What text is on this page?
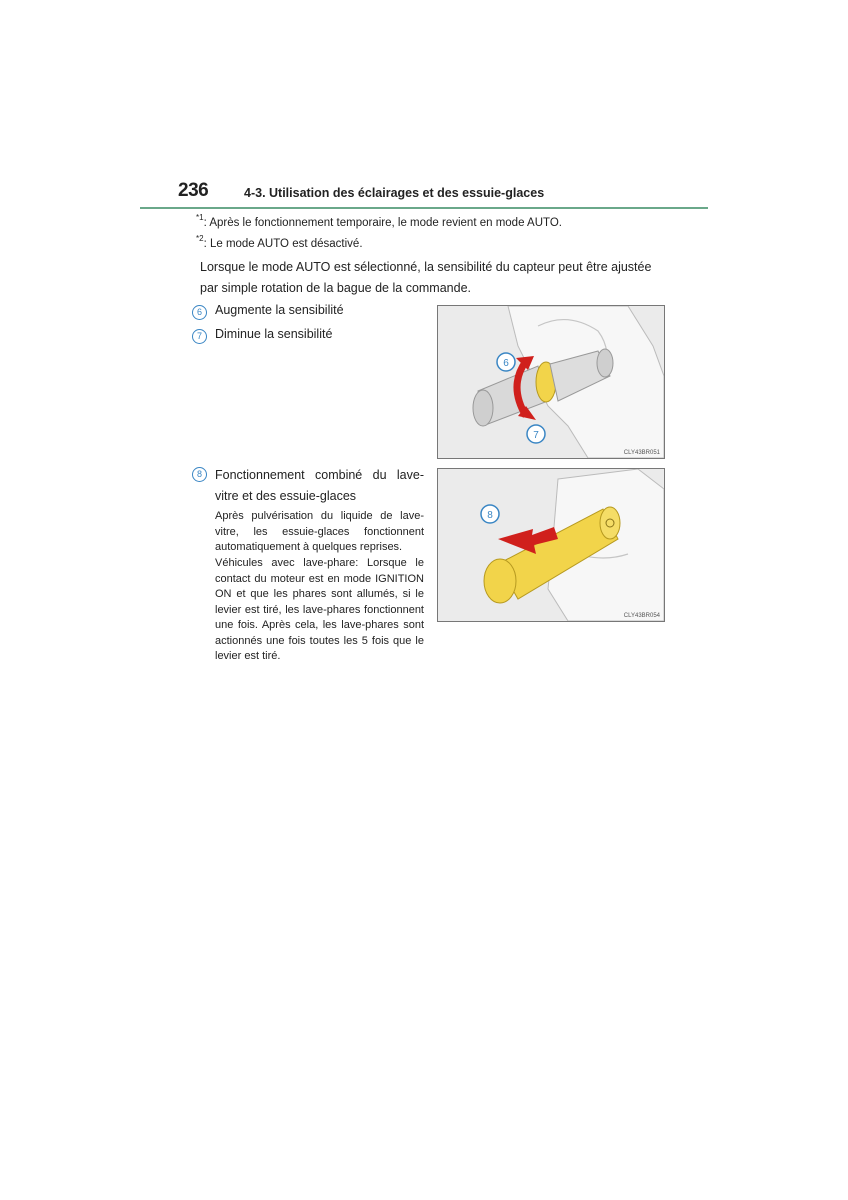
236	4-3. Utilisation des éclairages et des essuie-glaces
$^{*1}$: Après le fonctionnement temporaire, le mode revient en mode AUTO.
$^{*2}$: Le mode AUTO est désactivé.
Lorsque le mode AUTO est sélectionné, la sensibilité du capteur peut être ajustée par simple rotation de la bague de la commande.
6	Augmente la sensibilité
7	Diminue la sensibilité
8	Fonctionnement combiné du lave-vitre et des essuie-glaces
Après pulvérisation du liquide de lave-vitre, les essuie-glaces fonctionnent automatiquement à quelques reprises.
Véhicules avec lave-phare: Lorsque le contact du moteur est en mode IGNITION ON et que les phares sont allumés, si le levier est tiré, les lave-phares fonctionnent une fois. Après cela, les lave-phares sont actionnés une fois toutes les 5 fois que le levier est tiré.
6
7
CLY43BR051
8
CLY43BR054
